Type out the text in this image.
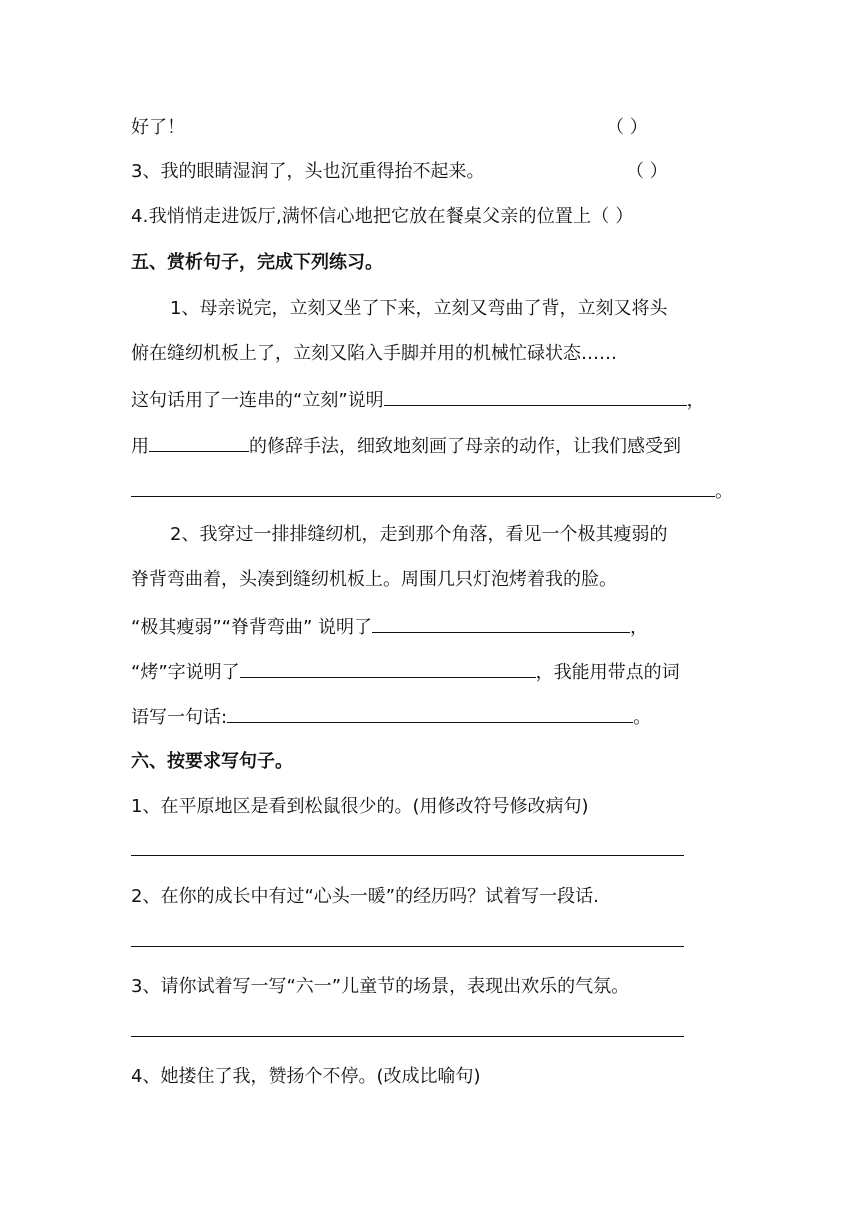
好了！	（ ）
3、我的眼睛湿润了，头也沉重得抬不起来。	（ ）
4.我悄悄走进饭厅,满怀信心地把它放在餐桌父亲的位置上（ ）
五、赏析句子，完成下列练习。
1、母亲说完，立刻又坐了下来，立刻又弯曲了背，立刻又将头
俯在缝纫机板上了，立刻又陷入手脚并用的机械忙碌状态……
这句话用了一连串的“立刻”说明	，
用	的修辞手法，细致地刻画了母亲的动作，让我们感受到
。
2、我穿过一排排缝纫机，走到那个角落，看见一个极其瘦弱的
脊背弯曲着，头凑到缝纫机板上。周围几只灯泡烤着我的脸。
“极其瘦弱”“脊背弯曲” 说明了	，
“烤”字说明了	，我能用带点的词
语写一句话:	。
六、按要求写句子。
1、在平原地区是看到松鼠很少的。(用修改符号修改病句)
2、在你的成长中有过“心头一暖”的经历吗？试着写一段话.
3、请你试着写一写“六一”儿童节的场景，表现出欢乐的气氛。
4、她搂住了我，赞扬个不停。(改成比喻句)
